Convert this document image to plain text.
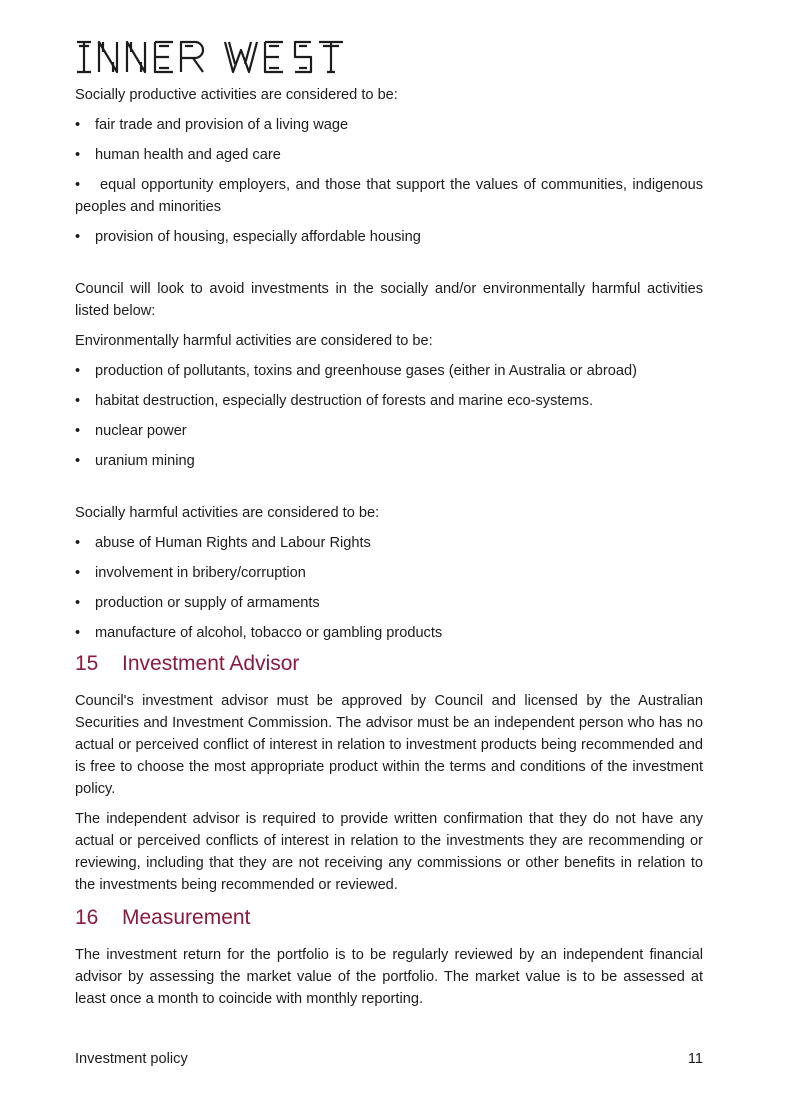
Socially productive activities are considered to be:

• fair trade and provision of a living wage
• human health and aged care
• equal opportunity employers, and those that support the values of communities, indigenous peoples and minorities
• provision of housing, especially affordable housing

Council will look to avoid investments in the socially and/or environmentally harmful activities listed below:

Environmentally harmful activities are considered to be:

• production of pollutants, toxins and greenhouse gases (either in Australia or abroad)
• habitat destruction, especially destruction of forests and marine eco-systems.
• nuclear power
• uranium mining

Socially harmful activities are considered to be:

• abuse of Human Rights and Labour Rights
• involvement in bribery/corruption
• production or supply of armaments
• manufacture of alcohol, tobacco or gambling products
15	Investment Advisor

Council's investment advisor must be approved by Council and licensed by the Australian Securities and Investment Commission. The advisor must be an independent person who has no actual or perceived conflict of interest in relation to investment products being recommended and is free to choose the most appropriate product within the terms and conditions of the investment policy.

The independent advisor is required to provide written confirmation that they do not have any actual or perceived conflicts of interest in relation to the investments they are recommending or reviewing, including that they are not receiving any commissions or other benefits in relation to the investments being recommended or reviewed.

16	Measurement

The investment return for the portfolio is to be regularly reviewed by an independent financial advisor by assessing the market value of the portfolio. The market value is to be assessed at least once a month to coincide with monthly reporting.

Investment policy	11
